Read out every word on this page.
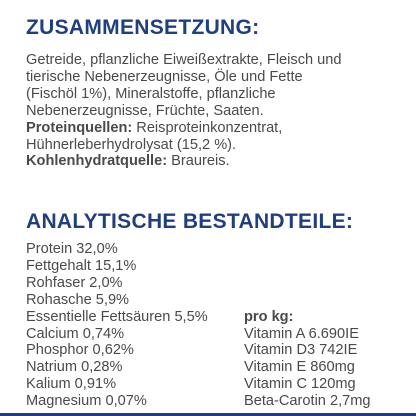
ZUSAMMENSETZUNG:
Getreide, pflanzliche Eiweißextrakte, Fleisch und
tierische Nebenerzeugnisse, Öle und Fette
(Fischöl 1%), Mineralstoffe, pflanzliche
Nebenerzeugnisse, Früchte, Saaten.
Proteinquellen: Reisproteinkonzentrat,
Hühnerleberhydrolysat (15,2 %).
Kohlenhydratquelle: Braureis.
ANALYTISCHE BESTANDTEILE:
Protein 32,0%
Fettgehalt 15,1%
Rohfaser 2,0%
Rohasche 5,9%
Essentielle Fettsäuren 5,5%
Calcium 0,74%
Phosphor 0,62%
Natrium 0,28%
Kalium 0,91%
Magnesium 0,07%
pro kg:
Vitamin A 6.690IE
Vitamin D3 742IE
Vitamin E 860mg
Vitamin C 120mg
Beta-Carotin 2,7mg
